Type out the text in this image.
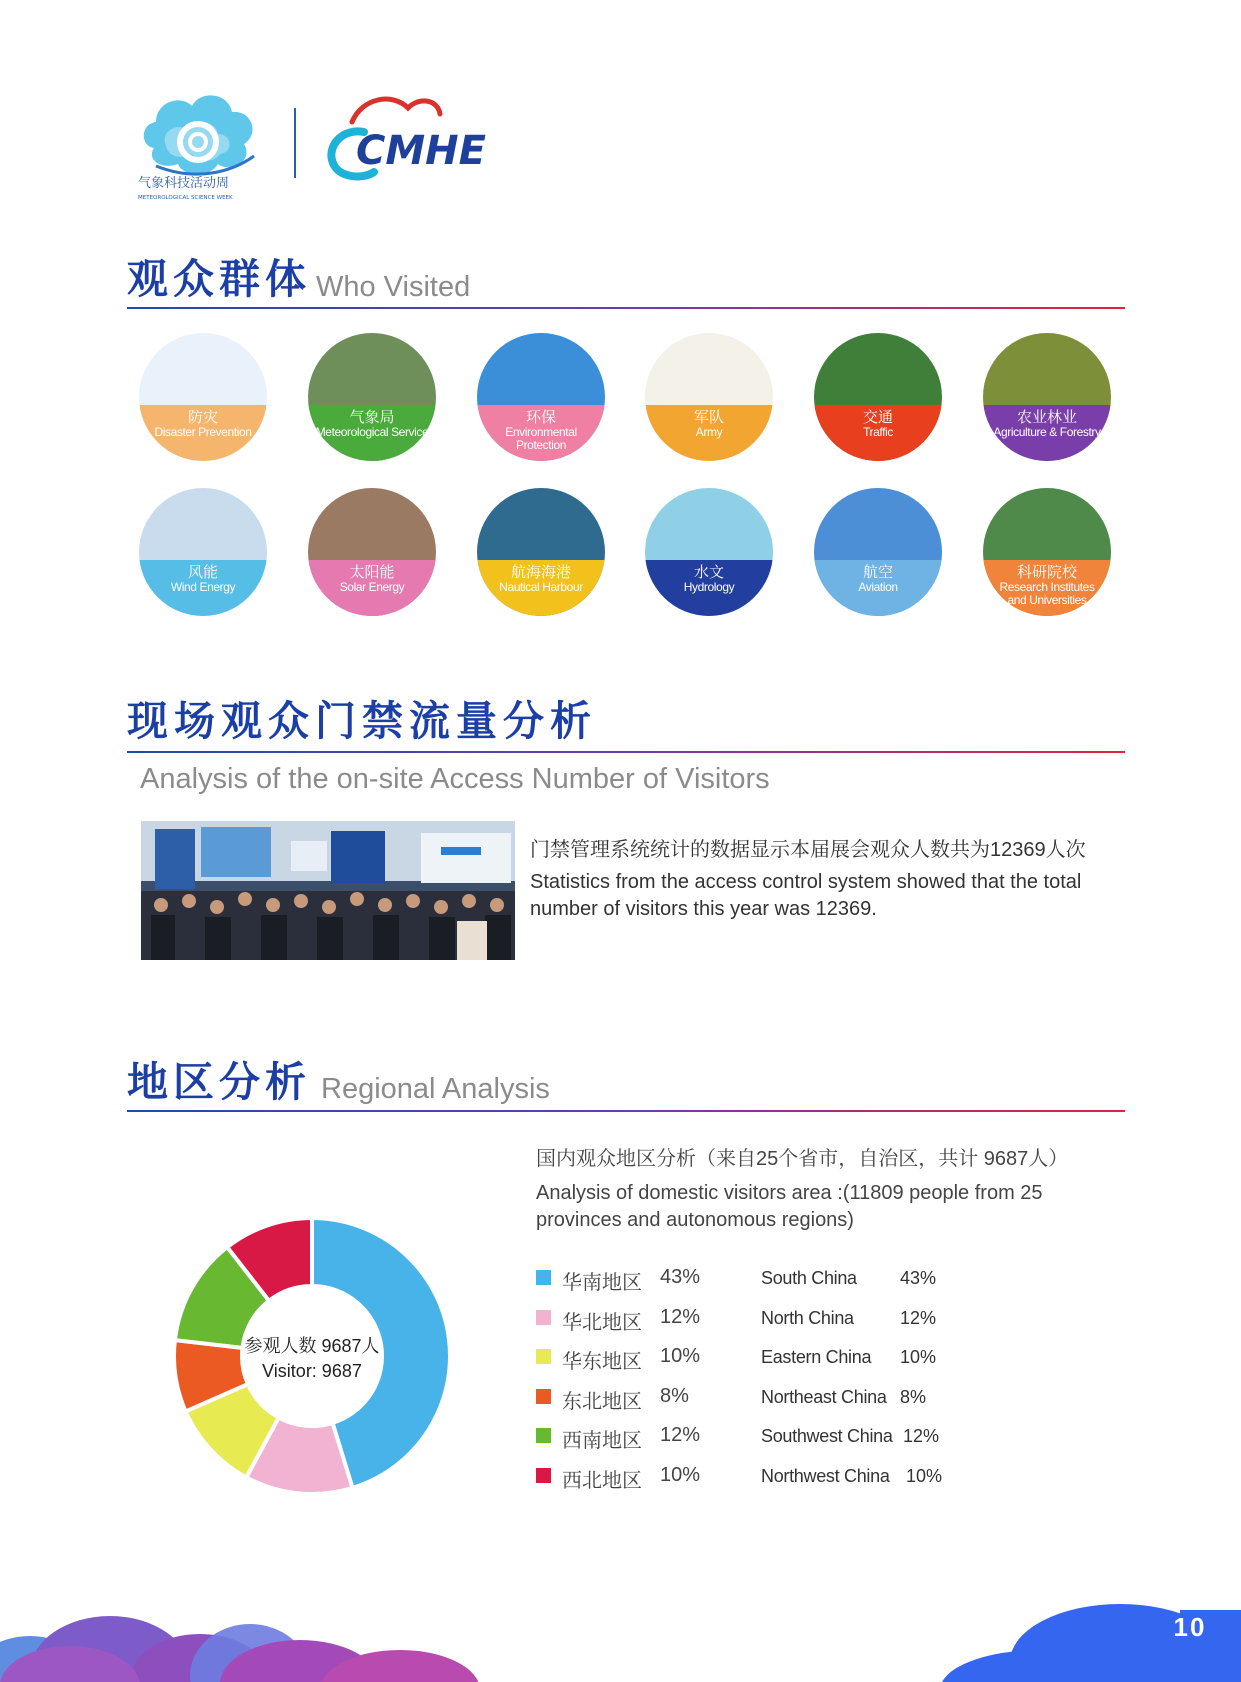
气象科技活动周
METEOROLOGICAL SCIENCE WEEK
CMHE
观众群体 Who Visited
防灾
Disaster Prevention
气象局
Meteorological Service
环保
Environmental Protection
军队
Army
交通
Traffic
农业林业
Agriculture & Forestry
风能
Wind Energy
太阳能
Solar Energy
航海海港
Nautical Harbour
水文
Hydrology
航空
Aviation
科研院校
Research Institutes and Universities
现场观众门禁流量分析
Analysis of the on-site Access Number of Visitors
门禁管理系统统计的数据显示本届展会观众人数共为12369人次
Statistics from the access control system showed that the total number of visitors this year was 12369.
地区分析 Regional Analysis
国内观众地区分析（来自25个省市，自治区，共计 9687人）
Analysis of domestic visitors area :(11809 people from 25 provinces and autonomous regions)
参观人数 9687人
Visitor: 9687
华南地区 43%	South China 43%
华北地区 12%	North China	12%
华东地区 10%	Eastern China 10%
东北地区 8%	Northeast China 8%
西南地区 12%	Southwest China 12%
西北地区 10%	Northwest China 10%
10
